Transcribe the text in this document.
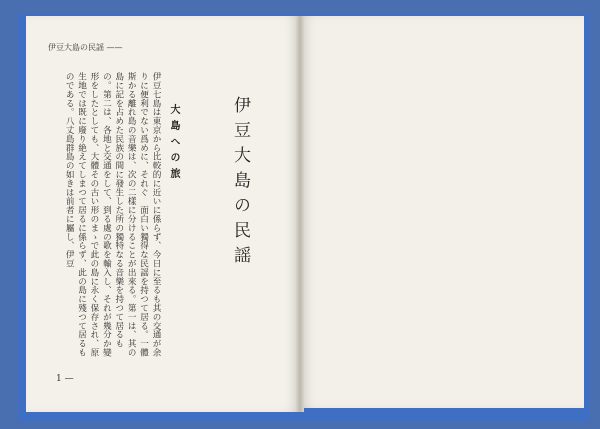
伊豆大島の民謡 ——
伊豆大島の民謡
大島への旅

伊豆七島は東京から比較的に近いに係らず、今日に至るも其の交通が余りに便利でない爲めに、それぐ　面白い獨得な民謡を持つて居る。一體斯かる離れ島の音樂は、次の二樣に分けることが出來る。第一は、其の島に記を占めた民族の間に發生した所の獨特なる音樂を持つて居るもの。第二は、各地と交通をして、到る處の歌を輸入し、それが幾分か變形をしたとしても、大體その古い形のまゝで此の島に永く保存され、原生地では既に廢り絶えてしまつて居るに係らず、此の島に殘つて居るものである。八丈島群島の如きは前者に屬し、伊豆

1 —
